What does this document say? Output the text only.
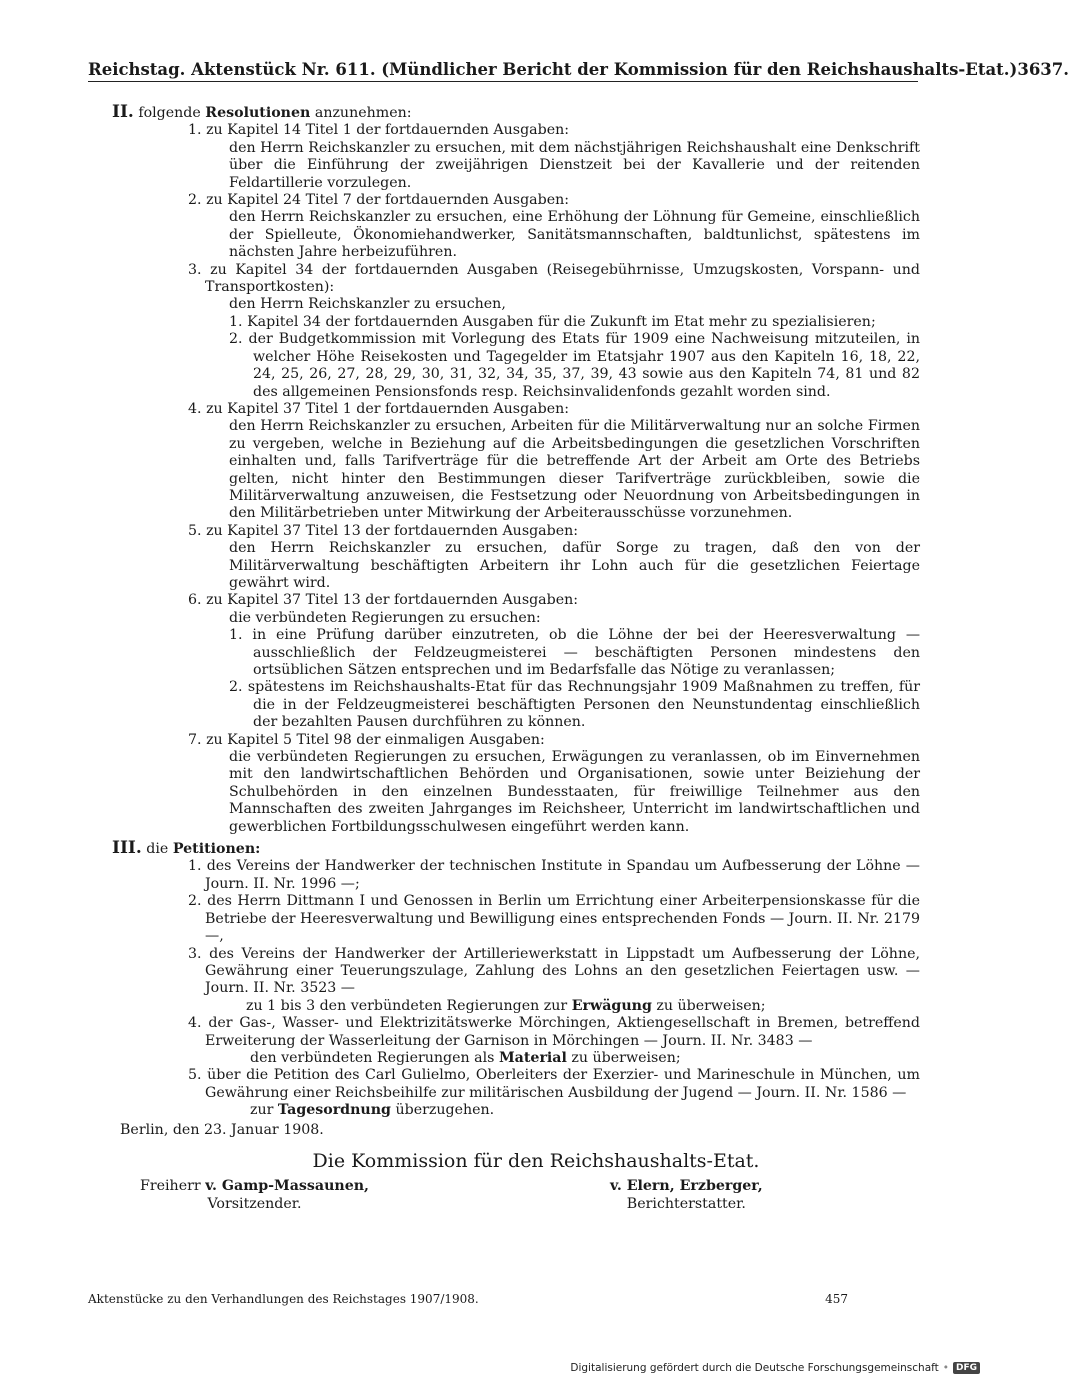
Reichstag. Aktenstück Nr. 611. (Mündlicher Bericht der Kommission für den Reichshaushalts-Etat.) 3637.

II. folgende Resolutionen anzunehmen:

1. zu Kapitel 14 Titel 1 der fortdauernden Ausgaben:

den Herrn Reichskanzler zu ersuchen, mit dem nächstjährigen Reichshaushalt eine Denkschrift über die Einführung der zweijährigen Dienstzeit bei der Kavallerie und der reitenden Feldartillerie vorzulegen.

2. zu Kapitel 24 Titel 7 der fortdauernden Ausgaben:

den Herrn Reichskanzler zu ersuchen, eine Erhöhung der Löhnung für Gemeine, einschließlich der Spielleute, Ökonomiehandwerker, Sanitätsmannschaften, baldtunlichst, spätestens im nächsten Jahre herbeizuführen.

3. zu Kapitel 34 der fortdauernden Ausgaben (Reisegebührnisse, Umzugskosten, Vorspann- und Transportkosten):

den Herrn Reichskanzler zu ersuchen,

1. Kapitel 34 der fortdauernden Ausgaben für die Zukunft im Etat mehr zu spezialisieren;

2. der Budgetkommission mit Vorlegung des Etats für 1909 eine Nachweisung mitzuteilen, in welcher Höhe Reisekosten und Tagegelder im Etatsjahr 1907 aus den Kapiteln 16, 18, 22, 24, 25, 26, 27, 28, 29, 30, 31, 32, 34, 35, 37, 39, 43 sowie aus den Kapiteln 74, 81 und 82 des allgemeinen Pensionsfonds resp. Reichsinvalidenfonds gezahlt worden sind.

4. zu Kapitel 37 Titel 1 der fortdauernden Ausgaben:

den Herrn Reichskanzler zu ersuchen, Arbeiten für die Militärverwaltung nur an solche Firmen zu vergeben, welche in Beziehung auf die Arbeitsbedingungen die gesetzlichen Vorschriften einhalten und, falls Tarifverträge für die betreffende Art der Arbeit am Orte des Betriebs gelten, nicht hinter den Bestimmungen dieser Tarifverträge zurückbleiben, sowie die Militärverwaltung anzuweisen, die Festsetzung oder Neuordnung von Arbeitsbedingungen in den Militärbetrieben unter Mitwirkung der Arbeiterausschüsse vorzunehmen.

5. zu Kapitel 37 Titel 13 der fortdauernden Ausgaben:

den Herrn Reichskanzler zu ersuchen, dafür Sorge zu tragen, daß den von der Militärverwaltung beschäftigten Arbeitern ihr Lohn auch für die gesetzlichen Feiertage gewährt wird.

6. zu Kapitel 37 Titel 13 der fortdauernden Ausgaben:

die verbündeten Regierungen zu ersuchen:

1. in eine Prüfung darüber einzutreten, ob die Löhne der bei der Heeresverwaltung — ausschließlich der Feldzeugmeisterei — beschäftigten Personen mindestens den ortsüblichen Sätzen entsprechen und im Bedarfsfalle das Nötige zu veranlassen;

2. spätestens im Reichshaushalts-Etat für das Rechnungsjahr 1909 Maßnahmen zu treffen, für die in der Feldzeugmeisterei beschäftigten Personen den Neunstundentag einschließlich der bezahlten Pausen durchführen zu können.

7. zu Kapitel 5 Titel 98 der einmaligen Ausgaben:

die verbündeten Regierungen zu ersuchen, Erwägungen zu veranlassen, ob im Einvernehmen mit den landwirtschaftlichen Behörden und Organisationen, sowie unter Beiziehung der Schulbehörden in den einzelnen Bundesstaaten, für freiwillige Teilnehmer aus den Mannschaften des zweiten Jahrganges im Reichsheer, Unterricht im landwirtschaftlichen und gewerblichen Fortbildungsschulwesen eingeführt werden kann.

III. die Petitionen:

1. des Vereins der Handwerker der technischen Institute in Spandau um Aufbesserung der Löhne — Journ. II. Nr. 1996 —;

2. des Herrn Dittmann I und Genossen in Berlin um Errichtung einer Arbeiterpensionskasse für die Betriebe der Heeresverwaltung und Bewilligung eines entsprechenden Fonds — Journ. II. Nr. 2179 —,

3. des Vereins der Handwerker der Artilleriewerkstatt in Lippstadt um Aufbesserung der Löhne, Gewährung einer Teuerungszulage, Zahlung des Lohns an den gesetzlichen Feiertagen usw. — Journ. II. Nr. 3523 —

zu 1 bis 3 den verbündeten Regierungen zur Erwägung zu überweisen;

4. der Gas-, Wasser- und Elektrizitätswerke Mörchingen, Aktiengesellschaft in Bremen, betreffend Erweiterung der Wasserleitung der Garnison in Mörchingen — Journ. II. Nr. 3483 —

den verbündeten Regierungen als Material zu überweisen;

5. über die Petition des Carl Gulielmo, Oberleiters der Exerzier- und Marineschule in München, um Gewährung einer Reichsbeihilfe zur militärischen Ausbildung der Jugend — Journ. II. Nr. 1586 —

zur Tagesordnung überzugehen.

Berlin, den 23. Januar 1908.

Die Kommission für den Reichshaushalts-Etat.

Freiherr v. Gamp-Massaunen,
Vorsitzender.
v. Elern, Erzberger,
Berichterstatter.
Aktenstücke zu den Verhandlungen des Reichstages 1907/1908.	457
Digitalisierung gefördert durch die Deutsche Forschungsgemeinschaft • DFG
